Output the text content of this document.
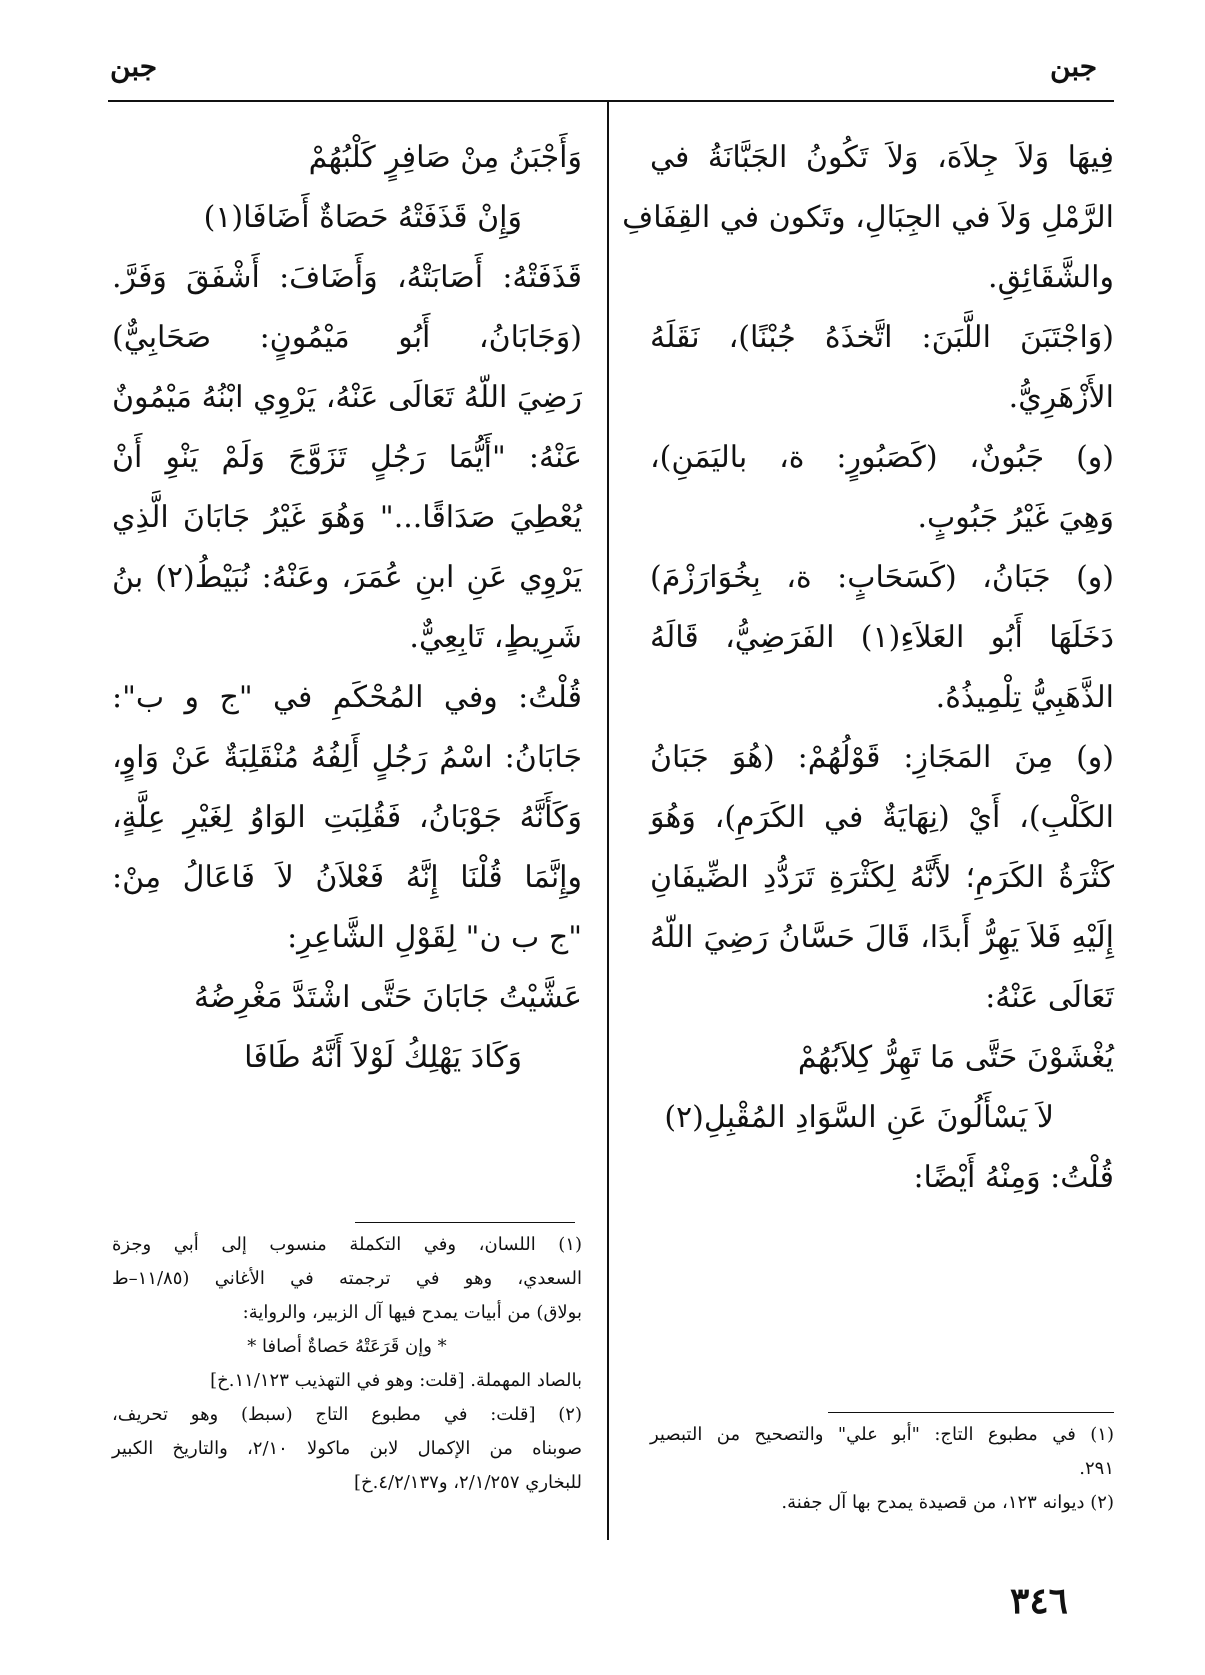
جبن	جبن
فِيهَا وَلاَ جِلاَهَ، وَلاَ تَكُونُ الجَبَّانَةُ في
الرَّمْلِ وَلاَ في الجِبَالِ، وتَكون في القِفَافِ
والشَّقَائِقِ.
(وَاجْتَبَنَ اللَّبَنَ: اتَّخذَهُ جُبْنًا)، نَقَلَهُ
الأَزْهَرِيُّ.
(و) جَبُونٌ، (كَصَبُورٍ: ة، باليَمَنِ)،
وَهِيَ غَيْرُ جَبُوبٍ.
(و) جَبَانُ، (كَسَحَابٍ: ة، بِخُوَارَزْمَ)
دَخَلَهَا أَبُو العَلاَءِ(١) الفَرَضِيُّ، قَالَهُ
الذَّهَبِيُّ تِلْمِيذُهُ.
(و) مِنَ المَجَازِ: قَوْلُهُمْ: (هُوَ جَبَانُ
الكَلْبِ)، أَيْ (نِهَايَةٌ في الكَرَمِ)، وَهُوَ
كَثْرَةُ الكَرَمِ؛ لأَنَّهُ لِكَثْرَةِ تَرَدُّدِ الضِّيفَانِ
إِلَيْهِ فَلاَ يَهِرُّ أَبدًا، قَالَ حَسَّانُ رَضِيَ اللّهُ
تَعَالَى عَنْهُ:
يُغْشَوْنَ حَتَّى مَا تَهِرُّ كِلاَبُهُمْ
لاَ يَسْأَلُونَ عَنِ السَّوَادِ المُقْبِلِ(٢)
قُلْتُ: وَمِنْهُ أَيْضًا:
وَأَجْبَنُ مِنْ صَافِرٍ كَلْبُهُمْ
وَإِنْ قَذَفَتْهُ حَصَاةٌ أَضَافَا(١)
قَذَفَتْهُ: أَصَابَتْهُ، وَأَضَافَ: أَشْفَقَ وَفَرَّ.
(وَجَابَانُ، أَبُو مَيْمُونٍ: صَحَابِيٌّ)
رَضِيَ اللّهُ تَعَالَى عَنْهُ، يَرْوِي ابْنُهُ مَيْمُونٌ
عَنْهُ: "أَيُّمَا رَجُلٍ تَزَوَّجَ وَلَمْ يَنْوِ أَنْ
يُعْطِيَ صَدَاقًا..." وَهُوَ غَيْرُ جَابَانَ الَّذِي
يَرْوِي عَنِ ابنِ عُمَرَ، وعَنْهُ: نُبَيْطُ(٢) بنُ
شَرِيطٍ، تَابِعِيٌّ.
قُلْتُ: وفي المُحْكَمِ في "ج و ب":
جَابَانُ: اسْمُ رَجُلٍ أَلِفُهُ مُنْقَلِبَةٌ عَنْ وَاوٍ،
وَكَأَنَّهُ جَوْبَانُ، فَقُلِبَتِ الوَاوُ لِغَيْرِ عِلَّةٍ،
وإِنَّمَا قُلْنَا إِنَّهُ فَعْلاَنُ لاَ فَاعَالُ مِنْ:
"ج ب ن" لِقَوْلِ الشَّاعِرِ:
عَشَّيْتُ جَابَانَ حَتَّى اشْتَدَّ مَغْرِضُهُ
وَكَادَ يَهْلِكُ لَوْلاَ أَنَّهُ طَافَا
(١) اللسان، وفي التكملة منسوب إلى أبي وجزة
السعدي، وهو في ترجمته في الأغاني (١١/٨٥–ط
بولاق) من أبيات يمدح فيها آل الزبير، والرواية:
* وإن قَرَعَتْهُ حَصاةٌ أصافا *
بالصاد المهملة. [قلت: وهو في التهذيب ١١/١٢٣.خ]
(٢) [قلت: في مطبوع التاج (سبط) وهو تحريف،
صوبناه من الإكمال لابن ماكولا ٢/١٠، والتاريخ الكبير
للبخاري ٢/١/٢٥٧، و٤/٢/١٣٧.خ]
(١) في مطبوع التاج: "أبو علي" والتصحيح من التبصير
٢٩١.
(٢) ديوانه ١٢٣، من قصيدة يمدح بها آل جفنة.
٣٤٦
